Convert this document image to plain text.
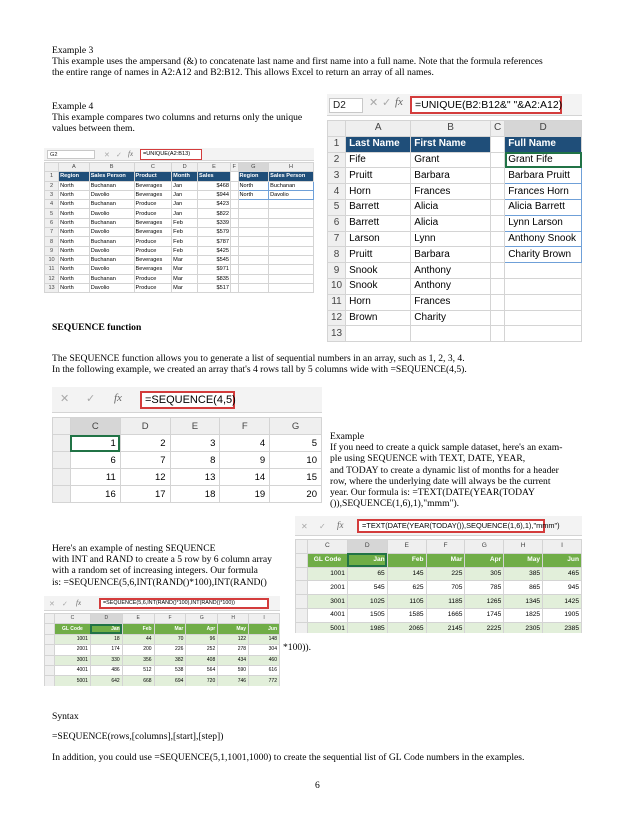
Example 3
This example uses the ampersand (&) to concatenate last name and first name into a full name. Note that the formula references
the entire range of names in A2:A12 and B2:B12. This allows Excel to return an array of all names.
Example 4
This example compares two columns and returns only the unique
values between them.
G2	✕ ✓ fx	=UNIQUE(A2:B13)
	A	B	C	D	E	F	G	H
1	Region	Sales Person	Product	Month	Sales		Region	Sales Person
2	North	Buchanan	Beverages	Jan	$468		North	Buchanan
3	North	Davolio	Beverages	Jan	$944		North	Davolio
4	North	Buchanan	Produce	Jan	$423			
5	North	Davolio	Produce	Jan	$822			
6	North	Buchanan	Beverages	Feb	$339			
7	North	Davolio	Beverages	Feb	$579			
8	North	Buchanan	Produce	Feb	$787			
9	North	Davolio	Produce	Feb	$425			
10	North	Buchanan	Beverages	Mar	$545			
11	North	Davolio	Beverages	Mar	$971			
12	North	Buchanan	Produce	Mar	$835			
13	North	Davolio	Produce	Mar	$517			
D2	✕ ✓ fx	=UNIQUE(B2:B12&" "&A2:A12)
	A	B	C	D
1	Last Name	First Name		Full Name
2	Fife	Grant		Grant Fife
3	Pruitt	Barbara		Barbara Pruitt
4	Horn	Frances		Frances Horn
5	Barrett	Alicia		Alicia Barrett
6	Barrett	Alicia		Lynn Larson
7	Larson	Lynn		Anthony Snook
8	Pruitt	Barbara		Charity Brown
9	Snook	Anthony		
10	Snook	Anthony		
11	Horn	Frances		
12	Brown	Charity		
13				
SEQUENCE function
The SEQUENCE function allows you to generate a list of sequential numbers in an array, such as 1, 2, 3, 4.
In the following example, we created an array that's 4 rows tall by 5 columns wide with =SEQUENCE(4,5).
✕ ✓ fx	=SEQUENCE(4,5)
	C	D	E	F	G
	1	2	3	4	5
	6	7	8	9	10
	11	12	13	14	15
	16	17	18	19	20
Example
If you need to create a quick sample dataset, here's an exam-
ple using SEQUENCE with TEXT, DATE, YEAR,
and TODAY to create a dynamic list of months for a header
row, where the underlying date will always be the current
year. Our formula is: =TEXT(DATE(YEAR(TODAY
()),SEQUENCE(1,6),1),"mmm").
✕ ✓ fx	=TEXT(DATE(YEAR(TODAY()),SEQUENCE(1,6),1),"mmm")
	C	D	E	F	G	H	I
	GL Code	Jan	Feb	Mar	Apr	May	Jun
	1001	65	145	225	305	385	465
	2001	545	625	705	785	865	945
	3001	1025	1105	1185	1265	1345	1425
	4001	1505	1585	1665	1745	1825	1905
	5001	1985	2065	2145	2225	2305	2385
Here's an example of nesting SEQUENCE
with INT and RAND to create a 5 row by 6 column array
with a random set of increasing integers. Our formula
is: =SEQUENCE(5,6,INT(RAND()*100),INT(RAND()
✕ ✓ fx	=SEQUENCE(5,6,INT(RAND()*100),INT(RAND()*100))
	C	D	E	F	G	H	I
	GL Code	Jan	Feb	Mar	Apr	May	Jun
	1001	18	44	70	96	122	148
	2001	174	200	226	252	278	304
	3001	330	356	382	408	434	460
	4001	486	512	538	564	590	616
	5001	642	668	694	720	746	772
*100)).
Syntax
=SEQUENCE(rows,[columns],[start],[step])
In addition, you could use =SEQUENCE(5,1,1001,1000) to create the sequential list of GL Code numbers in the examples.
6
